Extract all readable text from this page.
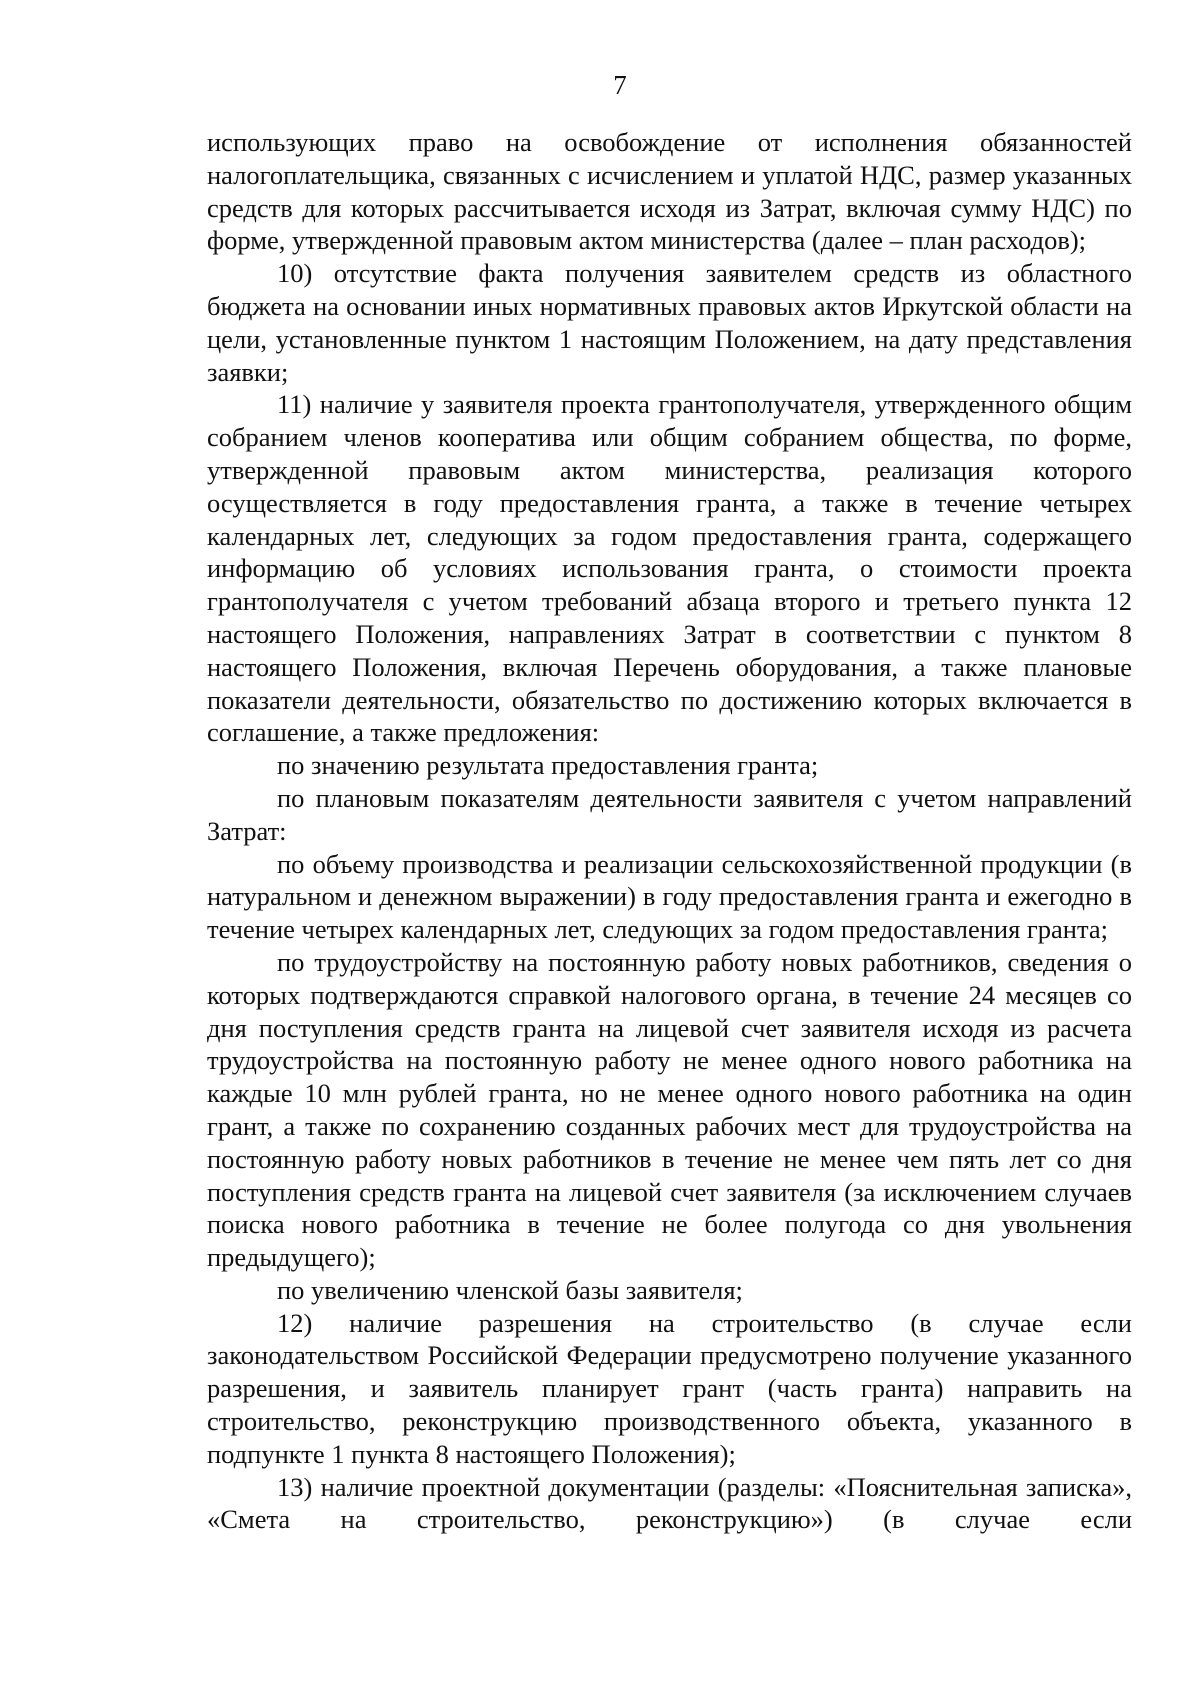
7

использующих право на освобождение от исполнения обязанностей налогоплательщика, связанных с исчислением и уплатой НДС, размер указанных средств для которых рассчитывается исходя из Затрат, включая сумму НДС) по форме, утвержденной правовым актом министерства (далее – план расходов);

10) отсутствие факта получения заявителем средств из областного бюджета на основании иных нормативных правовых актов Иркутской области на цели, установленные пунктом 1 настоящим Положением, на дату представления заявки;

11) наличие у заявителя проекта грантополучателя, утвержденного общим собранием членов кооператива или общим собранием общества, по форме, утвержденной правовым актом министерства, реализация которого осуществляется в году предоставления гранта, а также в течение четырех календарных лет, следующих за годом предоставления гранта, содержащего информацию об условиях использования гранта, о стоимости проекта грантополучателя с учетом требований абзаца второго и третьего пункта 12 настоящего Положения, направлениях Затрат в соответствии с пунктом 8 настоящего Положения, включая Перечень оборудования, а также плановые показатели деятельности, обязательство по достижению которых включается в соглашение, а также предложения:

по значению результата предоставления гранта;

по плановым показателям деятельности заявителя с учетом направлений Затрат:

по объему производства и реализации сельскохозяйственной продукции (в натуральном и денежном выражении) в году предоставления гранта и ежегодно в течение четырех календарных лет, следующих за годом предоставления гранта;

по трудоустройству на постоянную работу новых работников, сведения о которых подтверждаются справкой налогового органа, в течение 24 месяцев со дня поступления средств гранта на лицевой счет заявителя исходя из расчета трудоустройства на постоянную работу не менее одного нового работника на каждые 10 млн рублей гранта, но не менее одного нового работника на один грант, а также по сохранению созданных рабочих мест для трудоустройства на постоянную работу новых работников в течение не менее чем пять лет со дня поступления средств гранта на лицевой счет заявителя (за исключением случаев поиска нового работника в течение не более полугода со дня увольнения предыдущего);

по увеличению членской базы заявителя;

12) наличие разрешения на строительство (в случае если законодательством Российской Федерации предусмотрено получение указанного разрешения, и заявитель планирует грант (часть гранта) направить на строительство, реконструкцию производственного объекта, указанного в подпункте 1 пункта 8 настоящего Положения);

13) наличие проектной документации (разделы: «Пояснительная записка», «Смета на строительство, реконструкцию») (в случае если
